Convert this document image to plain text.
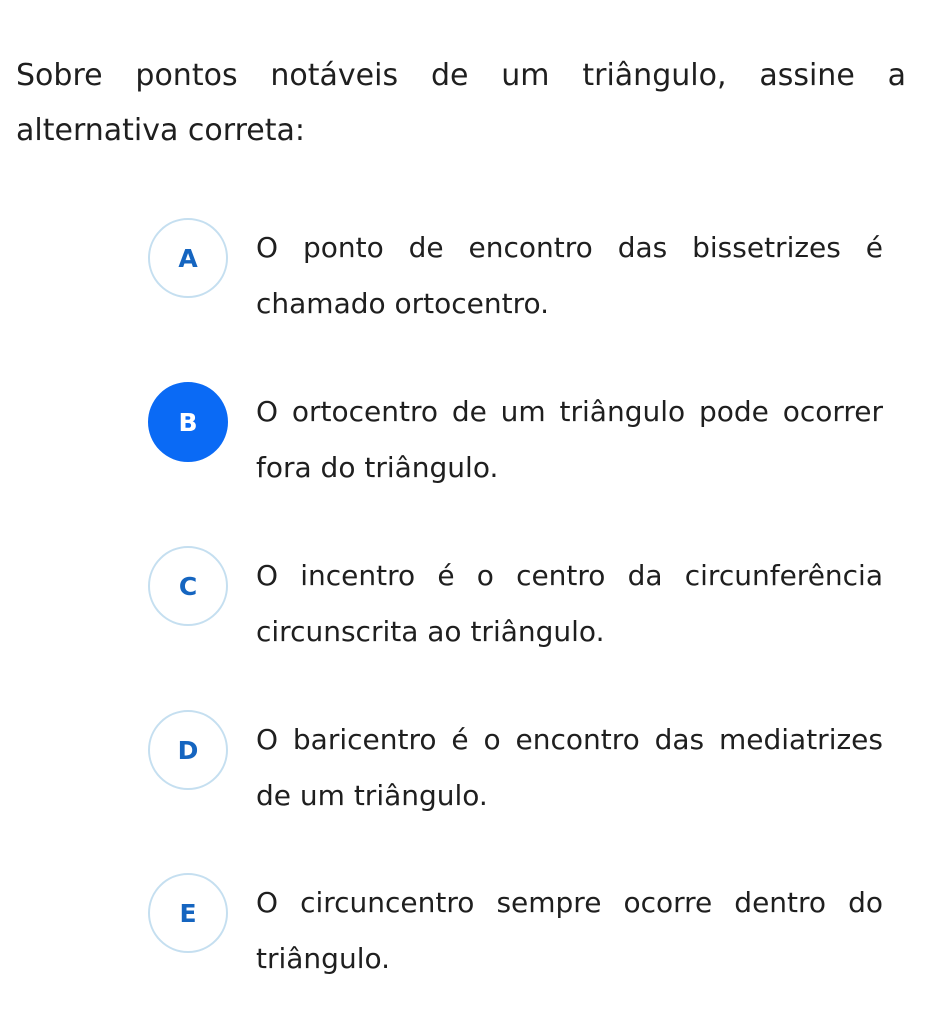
Sobre pontos notáveis de um triângulo, assine a alternativa correta:

A	O ponto de encontro das bissetrizes é chamado ortocentro.

B	O ortocentro de um triângulo pode ocorrer fora do triângulo.

C	O incentro é o centro da circunferência circunscrita ao triângulo.

D	O baricentro é o encontro das mediatrizes de um triângulo.

E	O circuncentro sempre ocorre dentro do triângulo.
